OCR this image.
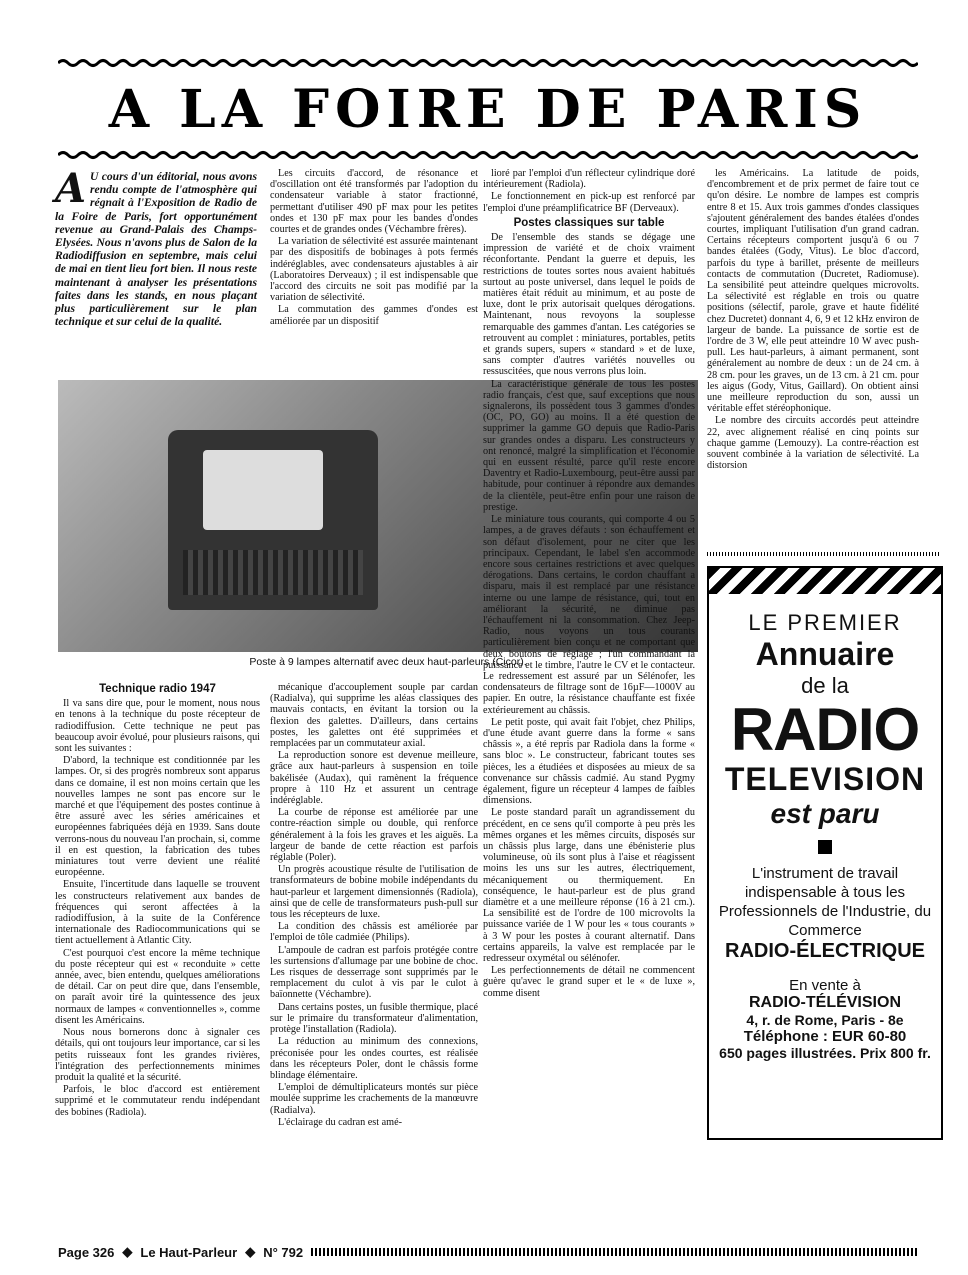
A LA FOIRE DE PARIS

A U cours d'un éditorial, nous avons rendu compte de l'atmosphère qui régnait à l'Exposition de Radio de la Foire de Paris, fort opportunément revenue au Grand-Palais des Champs-Elysées. Nous n'avons plus de Salon de la Radiodiffusion en septembre, mais celui de mai en tient lieu fort bien. Il nous reste maintenant à analyser les présentations faites dans les stands, en nous plaçant plus particulièrement sur le plan technique et sur celui de la qualité.

Les circuits d'accord, de résonance et d'oscillation ont été transformés par l'adoption du condensateur variable à stator fractionné, permettant d'utiliser 490 pF max pour les petites ondes et 130 pF max pour les bandes d'ondes courtes et de grandes ondes (Véchambre frères).

La variation de sélectivité est assurée maintenant par des dispositifs de bobinages à pots fermés indéréglables, avec condensateurs ajustables à air (Laboratoires Derveaux) ; il est indispensable que l'accord des circuits ne soit pas modifié par la variation de sélectivité.

La commutation des gammes d'ondes est améliorée par un dispositif

Poste à 9 lampes alternatif avec deux haut-parleurs (Cicor).

lioré par l'emploi d'un réflecteur cylindrique doré intérieurement (Radiola).

Le fonctionnement en pick-up est renforcé par l'emploi d'une préamplificatrice BF (Derveaux).

Postes classiques sur table

De l'ensemble des stands se dégage une impression de variété et de choix vraiment réconfortante. Pendant la guerre et depuis, les restrictions de toutes sortes nous avaient habitués surtout au poste universel, dans lequel le poids de matières était réduit au minimum, et au poste de luxe, dont le prix autorisait quelques dérogations. Maintenant, nous revoyons la souplesse remarquable des gammes d'antan. Les catégories se retrouvent au complet : miniatures, portables, petits et grands supers, supers « standard » et de luxe, sans compter d'autres variétés nouvelles ou ressuscitées, que nous verrons plus loin.

La caractéristique générale de tous les postes radio français, c'est que, sauf exceptions que nous signalerons, ils possèdent tous 3 gammes d'ondes (OC, PO, GO) au moins. Il a été question de supprimer la gamme GO depuis que Radio-Paris sur grandes ondes a disparu. Les constructeurs y ont renoncé, malgré la simplification et l'économie qui en eussent résulté, parce qu'il reste encore Daventry et Radio-Luxembourg, peut-être aussi par habitude, pour continuer à répondre aux demandes de la clientèle, peut-être enfin pour une raison de prestige.

Le miniature tous courants, qui comporte 4 ou 5 lampes, a de graves défauts : son échauffement et son défaut d'isolement, pour ne citer que les principaux. Cependant, le label s'en accommode encore sous certaines restrictions et avec quelques dérogations. Dans certains, le cordon chauffant a disparu, mais il est remplacé par une résistance interne ou une lampe de résistance, qui, tout en améliorant la sécurité, ne diminue pas l'échauffement ni la consommation. Chez Jeep-Radio, nous voyons un tous courants particulièrement bien conçu et ne comportant que deux boutons de réglage ; l'un commandant la puissance et le timbre, l'autre le CV et le contacteur. Le redressement est assuré par un Sélénofer, les condensateurs de filtrage sont de 16µF—1000V au papier. En outre, la résistance chauffante est fixée extérieurement au châssis.

Le petit poste, qui avait fait l'objet, chez Philips, d'une étude avant guerre dans la forme « sans châssis », a été repris par Radiola dans la forme « sans bloc ». Le constructeur, fabricant toutes ses pièces, les a étudiées et disposées au mieux de sa convenance sur châssis cadmié. Au stand Pygmy également, figure un récepteur 4 lampes de faibles dimensions.

Le poste standard paraît un agrandissement du précédent, en ce sens qu'il comporte à peu près les mêmes organes et les mêmes circuits, disposés sur un châssis plus large, dans une ébénisterie plus volumineuse, où ils sont plus à l'aise et réagissent moins les uns sur les autres, électriquement, mécaniquement ou thermiquement. En conséquence, le haut-parleur est de plus grand diamètre et a une meilleure réponse (16 à 21 cm.). La sensibilité est de l'ordre de 100 microvolts la puissance variée de 1 W pour les « tous courants » à 3 W pour les postes à courant alternatif. Dans certains appareils, la valve est remplacée par le redresseur oxymétal ou sélénofer.

Les perfectionnements de détail ne commencent guère qu'avec le grand super et le « de luxe », comme disent

les Américains. La latitude de poids, d'encombrement et de prix permet de faire tout ce qu'on désire. Le nombre de lampes est compris entre 8 et 15. Aux trois gammes d'ondes classiques s'ajoutent généralement des bandes étalées d'ondes courtes, impliquant l'utilisation d'un grand cadran. Certains récepteurs comportent jusqu'à 6 ou 7 bandes étalées (Gody, Vitus). Le bloc d'accord, parfois du type à barillet, présente de meilleurs contacts de commutation (Ducretet, Radiomuse). La sensibilité peut atteindre quelques microvolts. La sélectivité est réglable en trois ou quatre positions (sélectif, parole, grave et haute fidélité chez Ducretet) donnant 4, 6, 9 et 12 kHz environ de largeur de bande. La puissance de sortie est de l'ordre de 3 W, elle peut atteindre 10 W avec push-pull. Les haut-parleurs, à aimant permanent, sont généralement au nombre de deux : un de 24 cm. à 28 cm. pour les graves, un de 13 cm. à 21 cm. pour les aigus (Gody, Vitus, Gaillard). On obtient ainsi une meilleure reproduction du son, aussi un véritable effet stéréophonique.

Le nombre des circuits accordés peut atteindre 22, avec alignement réalisé en cinq points sur chaque gamme (Lemouzy). La contre-réaction est souvent combinée à la variation de sélectivité. La distorsion

Technique radio 1947

Il va sans dire que, pour le moment, nous nous en tenons à la technique du poste récepteur de radiodiffusion. Cette technique ne peut pas beaucoup avoir évolué, pour plusieurs raisons, qui sont les suivantes :

D'abord, la technique est conditionnée par les lampes. Or, si des progrès nombreux sont apparus dans ce domaine, il est non moins certain que les nouvelles lampes ne sont pas encore sur le marché et que l'équipement des postes continue à être assuré avec les séries américaines et européennes fabriquées déjà en 1939. Sans doute verrons-nous du nouveau l'an prochain, si, comme il en est question, la fabrication des tubes miniatures tout verre devient une réalité européenne.

Ensuite, l'incertitude dans laquelle se trouvent les constructeurs relativement aux bandes de fréquences qui seront affectées à la radiodiffusion, à la suite de la Conférence internationale des Radiocommunications qui se tient actuellement à Atlantic City.

C'est pourquoi c'est encore la même technique du poste récepteur qui est « reconduite » cette année, avec, bien entendu, quelques améliorations de détail. Car on peut dire que, dans l'ensemble, on paraît avoir tiré la quintessence des jeux normaux de lampes « conventionnelles », comme disent les Américains.

Nous nous bornerons donc à signaler ces détails, qui ont toujours leur importance, car si les petits ruisseaux font les grandes rivières, l'intégration des perfectionnements minimes produit la qualité et la sécurité.

Parfois, le bloc d'accord est entièrement supprimé et le commutateur rendu indépendant des bobines (Radiola).

mécanique d'accouplement souple par cardan (Radialva), qui supprime les aléas classiques des mauvais contacts, en évitant la torsion ou la flexion des galettes. D'ailleurs, dans certains postes, les galettes ont été supprimées et remplacées par un commutateur axial.

La reproduction sonore est devenue meilleure, grâce aux haut-parleurs à suspension en toile bakélisée (Audax), qui ramènent la fréquence propre à 110 Hz et assurent un centrage indéréglable.

La courbe de réponse est améliorée par une contre-réaction simple ou double, qui renforce généralement à la fois les graves et les aiguës. La largeur de bande de cette réaction est parfois réglable (Poler).

Un progrès acoustique résulte de l'utilisation de transformateurs de bobine mobile indépendants du haut-parleur et largement dimensionnés (Radiola), ainsi que de celle de transformateurs push-pull sur tous les récepteurs de luxe.

La condition des châssis est améliorée par l'emploi de tôle cadmiée (Philips).

L'ampoule de cadran est parfois protégée contre les surtensions d'allumage par une bobine de choc. Les risques de desserrage sont supprimés par le remplacement du culot à vis par le culot à baïonnette (Véchambre).

Dans certains postes, un fusible thermique, placé sur le primaire du transformateur d'alimentation, protège l'installation (Radiola).

La réduction au minimum des connexions, préconisée pour les ondes courtes, est réalisée dans les récepteurs Poler, dont le châssis forme blindage élémentaire.

L'emploi de démultiplicateurs montés sur pièce moulée supprime les crachements de la manœuvre (Radialva).

L'éclairage du cadran est amé-

LE PREMIER
Annuaire
de la
RADIO
TELEVISION
est paru
L'instrument de travail indispensable à tous les Professionnels de l'Industrie, du Commerce
RADIO-ÉLECTRIQUE
En vente à
RADIO-TÉLÉVISION
4, r. de Rome, Paris - 8e
Téléphone : EUR 60-80
650 pages illustrées. Prix 800 fr.
Page 326 ◆ Le Haut-Parleur ◆ N° 792
